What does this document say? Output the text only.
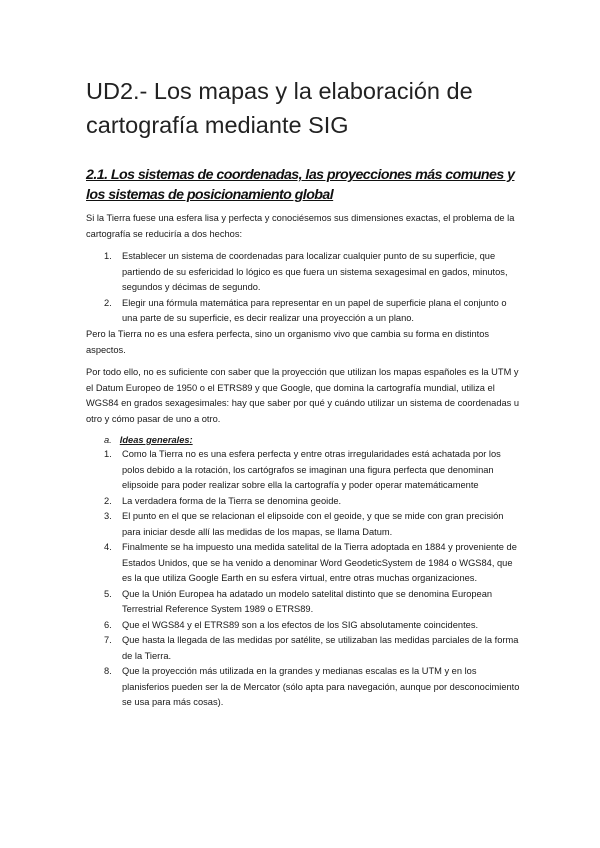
UD2.- Los mapas y la elaboración de cartografía mediante SIG
2.1. Los sistemas de coordenadas, las proyecciones más comunes y los sistemas de posicionamiento global

Si la Tierra fuese una esfera lisa y perfecta y conociésemos sus dimensiones exactas, el problema de la cartografía se reduciría a dos hechos:

1. Establecer un sistema de coordenadas para localizar cualquier punto de su superficie, que partiendo de su esfericidad lo lógico es que fuera un sistema sexagesimal en gados, minutos, segundos y décimas de segundo.
2. Elegir una fórmula matemática para representar en un papel de superficie plana el conjunto o una parte de su superficie, es decir realizar una proyección a un plano.

Pero la Tierra no es una esfera perfecta, sino un organismo vivo que cambia su forma en distintos aspectos.

Por todo ello, no es suficiente con saber que la proyección que utilizan los mapas españoles es la UTM y el Datum Europeo de 1950 o el ETRS89 y que Google, que domina la cartografía mundial, utiliza el WGS84 en grados sexagesimales: hay que saber por qué y cuándo utilizar un sistema de coordenadas u otro y cómo pasar de uno a otro.

a. Ideas generales:
1. Como la Tierra no es una esfera perfecta y entre otras irregularidades está achatada por los polos debido a la rotación, los cartógrafos se imaginan una figura perfecta que denominan elipsoide para poder realizar sobre ella la cartografía y poder operar matemáticamente
2. La verdadera forma de la Tierra se denomina geoide.
3. El punto en el que se relacionan el elipsoide con el geoide, y que se mide con gran precisión para iniciar desde allí las medidas de los mapas, se llama Datum.
4. Finalmente se ha impuesto una medida satelital de la Tierra adoptada en 1884 y proveniente de Estados Unidos, que se ha venido a denominar Word GeodeticSystem de 1984 o WGS84, que es la que utiliza Google Earth en su esfera virtual, entre otras muchas organizaciones.
5. Que la Unión Europea ha adatado un modelo satelital distinto que se denomina European Terrestrial Reference System 1989 o ETRS89.
6. Que el WGS84 y el ETRS89 son a los efectos de los SIG absolutamente coincidentes.
7. Que hasta la llegada de las medidas por satélite, se utilizaban las medidas parciales de la forma de la Tierra.
8. Que la proyección más utilizada en la grandes y medianas escalas es la UTM y en los planisferios pueden ser la de Mercator (sólo apta para navegación, aunque por desconocimiento se usa para más cosas).
